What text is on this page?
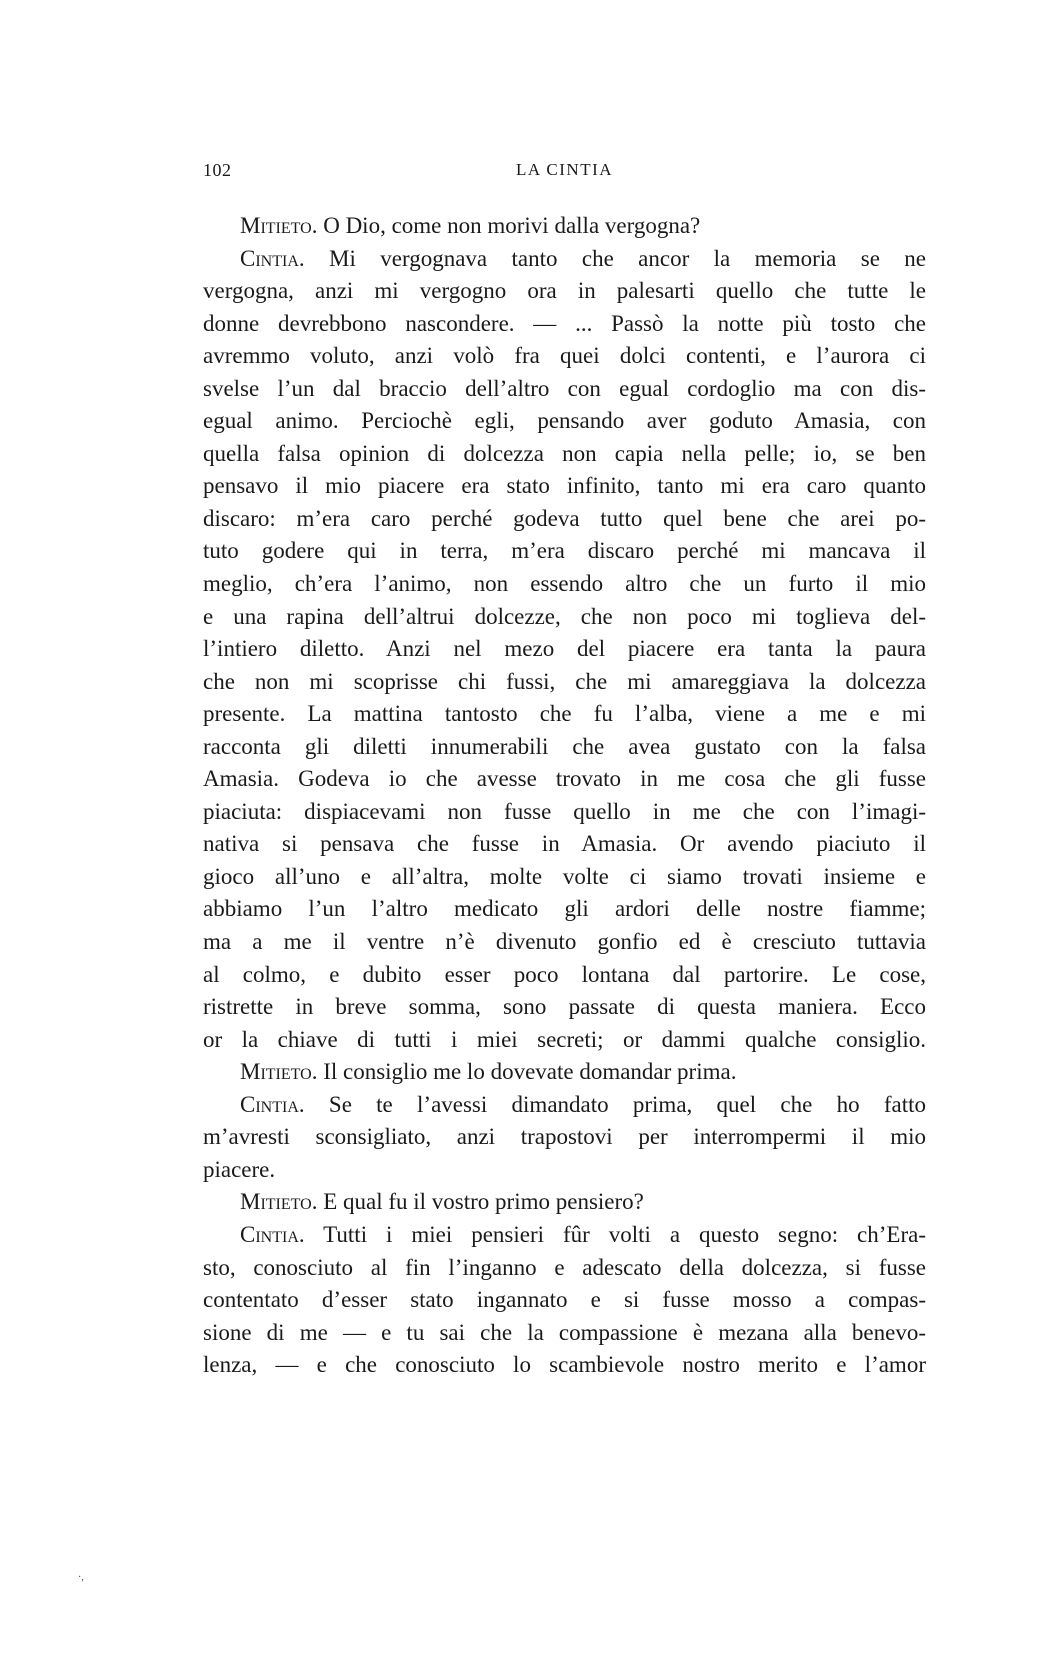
102	LA CINTIA
Mitieto. O Dio, come non morivi dalla vergogna?
Cintia. Mi vergognava tanto che ancor la memoria se ne
vergogna, anzi mi vergogno ora in palesarti quello che tutte le
donne devrebbono nascondere. — ... Passò la notte più tosto che
avremmo voluto, anzi volò fra quei dolci contenti, e l’aurora ci
svelse l’un dal braccio dell’altro con egual cordoglio ma con dis-
egual animo. Perciochè egli, pensando aver goduto Amasia, con
quella falsa opinion di dolcezza non capia nella pelle; io, se ben
pensavo il mio piacere era stato infinito, tanto mi era caro quanto
discaro: m’era caro perché godeva tutto quel bene che arei po-
tuto godere qui in terra, m’era discaro perché mi mancava il
meglio, ch’era l’animo, non essendo altro che un furto il mio
e una rapina dell’altrui dolcezze, che non poco mi toglieva del-
l’intiero diletto. Anzi nel mezo del piacere era tanta la paura
che non mi scoprisse chi fussi, che mi amareggiava la dolcezza
presente. La mattina tantosto che fu l’alba, viene a me e mi
racconta gli diletti innumerabili che avea gustato con la falsa
Amasia. Godeva io che avesse trovato in me cosa che gli fusse
piaciuta: dispiacevami non fusse quello in me che con l’imagi-
nativa si pensava che fusse in Amasia. Or avendo piaciuto il
gioco all’uno e all’altra, molte volte ci siamo trovati insieme e
abbiamo l’un l’altro medicato gli ardori delle nostre fiamme;
ma a me il ventre n’è divenuto gonfio ed è cresciuto tuttavia
al colmo, e dubito esser poco lontana dal partorire. Le cose,
ristrette in breve somma, sono passate di questa maniera. Ecco
or la chiave di tutti i miei secreti; or dammi qualche consiglio.
Mitieto. Il consiglio me lo dovevate domandar prima.
Cintia. Se te l’avessi dimandato prima, quel che ho fatto
m’avresti sconsigliato, anzi trapostovi per interrompermi il mio
piacere.
Mitieto. E qual fu il vostro primo pensiero?
Cintia. Tutti i miei pensieri fûr volti a questo segno: ch’Era-
sto, conosciuto al fin l’inganno e adescato della dolcezza, si fusse
contentato d’esser stato ingannato e si fusse mosso a compas-
sione di me — e tu sai che la compassione è mezana alla benevo-
lenza, — e che conosciuto lo scambievole nostro merito e l’amor
·,
